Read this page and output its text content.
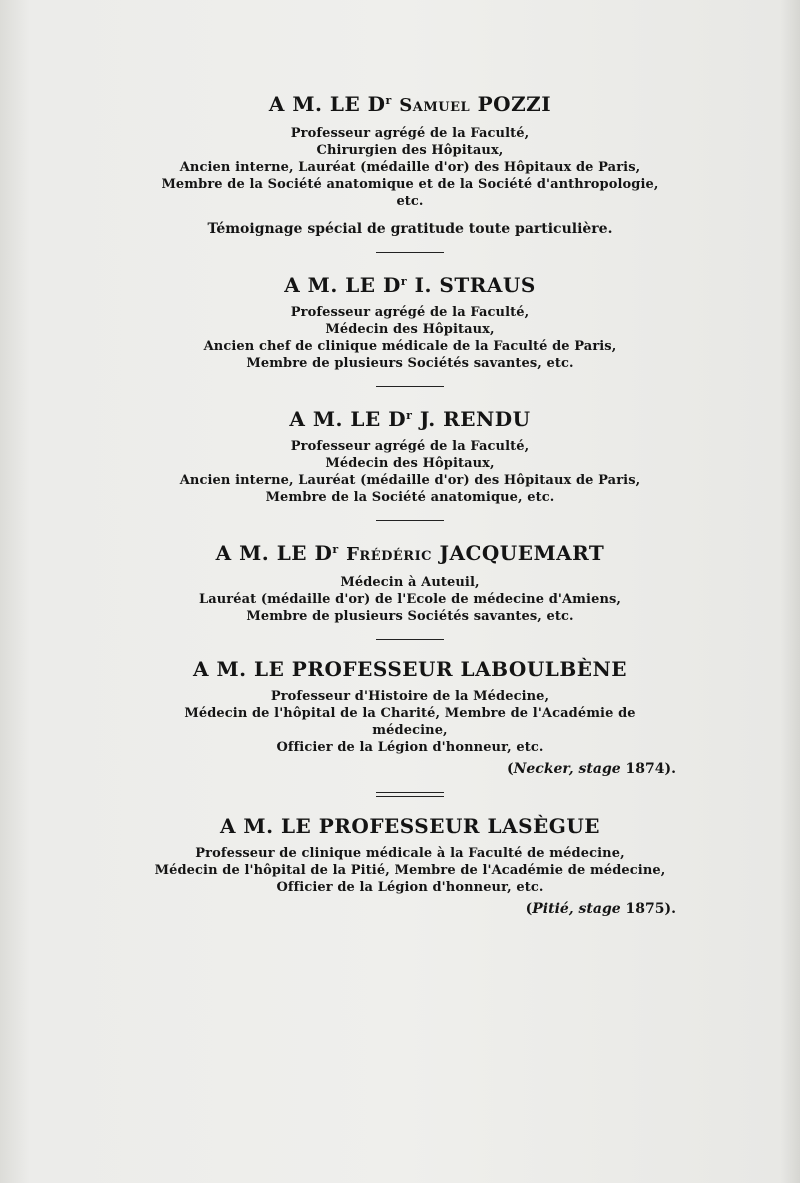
A M. LE $D^r$ Samuel POZZI

Professeur agrégé de la Faculté,

Chirurgien des Hôpitaux,

Ancien interne, Lauréat (médaille d'or) des Hôpitaux de Paris,

Membre de la Société anatomique et de la Société d'anthropologie, etc.

Témoignage spécial de gratitude toute particulière.

A M. LE $D^r$ I. STRAUS

Professeur agrégé de la Faculté,

Médecin des Hôpitaux,

Ancien chef de clinique médicale de la Faculté de Paris,

Membre de plusieurs Sociétés savantes, etc.

A M. LE $D^r$ J. RENDU

Professeur agrégé de la Faculté,

Médecin des Hôpitaux,

Ancien interne, Lauréat (médaille d'or) des Hôpitaux de Paris,

Membre de la Société anatomique, etc.

A M. LE $D^r$ Frédéric JACQUEMART

Médecin à Auteuil,

Lauréat (médaille d'or) de l'Ecole de médecine d'Amiens,

Membre de plusieurs Sociétés savantes, etc.

A M. LE PROFESSEUR LABOULBÈNE

Professeur d'Histoire de la Médecine,

Médecin de l'hôpital de la Charité, Membre de l'Académie de médecine,

Officier de la Légion d'honneur, etc.

(Necker, stage 1874).

A M. LE PROFESSEUR LASÈGUE

Professeur de clinique médicale à la Faculté de médecine,

Médecin de l'hôpital de la Pitié, Membre de l'Académie de médecine,

Officier de la Légion d'honneur, etc.

(Pitié, stage 1875).
